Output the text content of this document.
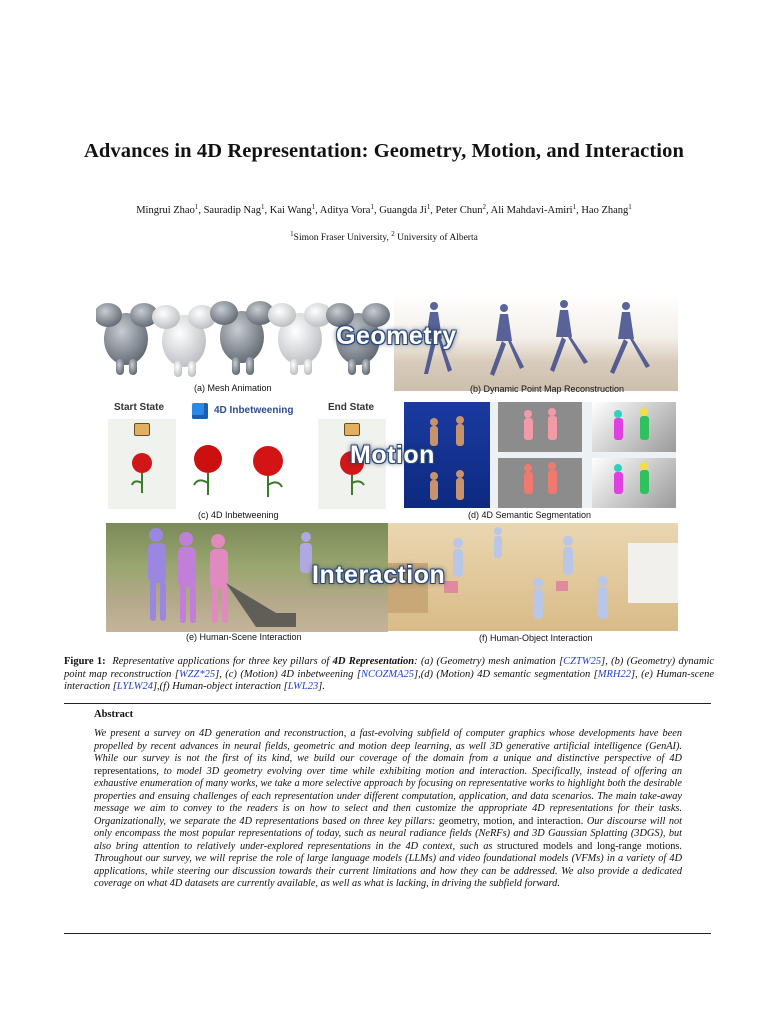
Advances in 4D Representation: Geometry, Motion, and Interaction
Mingrui Zhao$^1$, Sauradip Nag$^1$, Kai Wang$^1$, Aditya Vora$^1$, Guangda Ji$^1$, Peter Chun$^2$, Ali Mahdavi-Amiri$^1$, Hao Zhang$^1$
$^1$Simon Fraser University, $^2$ University of Alberta
(a) Mesh Animation	(b) Dynamic Point Map Reconstruction
Geometry
Start State	End State
4D Inbetweening
(c) 4D Inbetweening	(d) 4D Semantic Segmentation
Motion
(e) Human-Scene Interaction	(f) Human-Object Interaction
Interaction
Figure 1: Representative applications for three key pillars of 4D Representation: (a) (Geometry) mesh animation [CZTW25], (b) (Geometry) dynamic point map reconstruction [WZZ*25], (c) (Motion) 4D inbetweening [NCOZMA25],(d) (Motion) 4D semantic segmentation [MRH22], (e) Human-scene interaction [LYLW24],(f) Human-object interaction [LWL23].
Abstract
We present a survey on 4D generation and reconstruction, a fast-evolving subfield of computer graphics whose developments have been propelled by recent advances in neural fields, geometric and motion deep learning, as well 3D generative artificial intelligence (GenAI). While our survey is not the first of its kind, we build our coverage of the domain from a unique and distinctive perspective of 4D representations, to model 3D geometry evolving over time while exhibiting motion and interaction. Specifically, instead of offering an exhaustive enumeration of many works, we take a more selective approach by focusing on representative works to highlight both the desirable properties and ensuing challenges of each representation under different computation, application, and data scenarios. The main take-away message we aim to convey to the readers is on how to select and then customize the appropriate 4D representations for their tasks. Organizationally, we separate the 4D representations based on three key pillars: geometry, motion, and interaction. Our discourse will not only encompass the most popular representations of today, such as neural radiance fields (NeRFs) and 3D Gaussian Splatting (3DGS), but also bring attention to relatively under-explored representations in the 4D context, such as structured models and long-range motions. Throughout our survey, we will reprise the role of large language models (LLMs) and video foundational models (VFMs) in a variety of 4D applications, while steering our discussion towards their current limitations and how they can be addressed. We also provide a dedicated coverage on what 4D datasets are currently available, as well as what is lacking, in driving the subfield forward.
